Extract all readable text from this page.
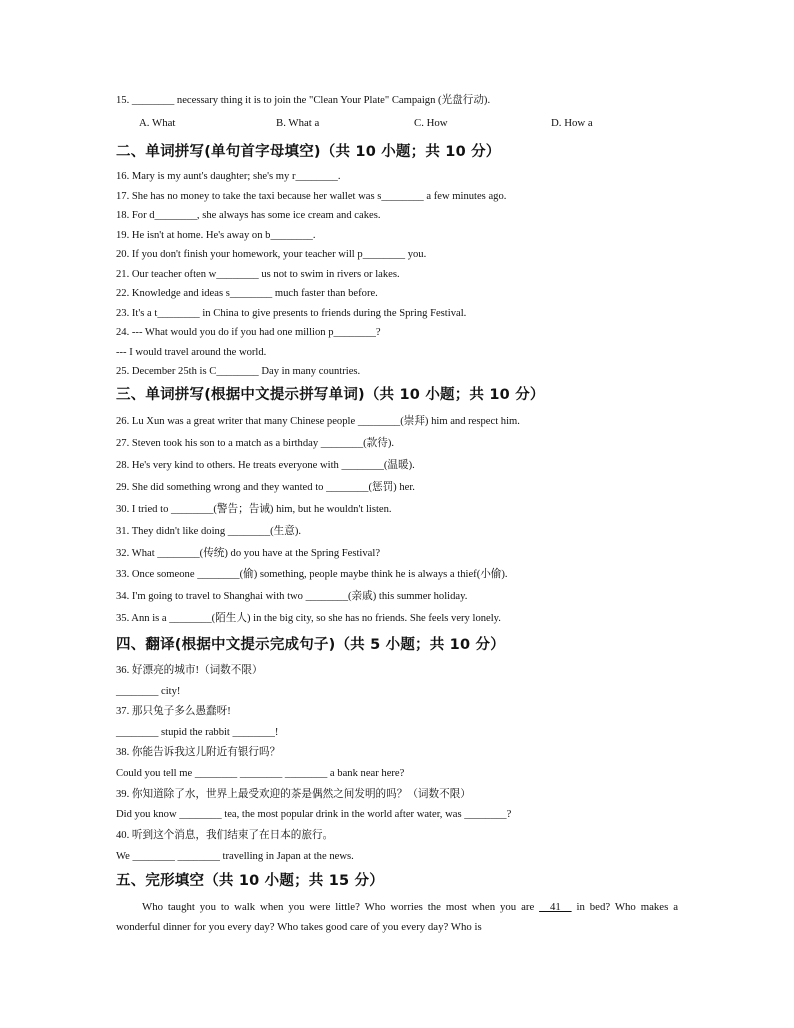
15. ________ necessary thing it is to join the "Clean Your Plate" Campaign (光盘行动).
A. What	B. What a	C. How	D. How a
二、单词拼写(单句首字母填空)（共 10 小题；共 10 分）
16. Mary is my aunt's daughter; she's my r________.
17. She has no money to take the taxi because her wallet was s________ a few minutes ago.
18. For d________, she always has some ice cream and cakes.
19. He isn't at home. He's away on b________.
20. If you don't finish your homework, your teacher will p________ you.
21. Our teacher often w________ us not to swim in rivers or lakes.
22. Knowledge and ideas s________ much faster than before.
23. It's a t________ in China to give presents to friends during the Spring Festival.
24. --- What would you do if you had one million p________?
--- I would travel around the world.
25. December 25th is C________ Day in many countries.
三、单词拼写(根据中文提示拼写单词)（共 10 小题；共 10 分）
26. Lu Xun was a great writer that many Chinese people ________(崇拜) him and respect him.
27. Steven took his son to a match as a birthday ________(款待).
28. He's very kind to others. He treats everyone with ________(温暖).
29. She did something wrong and they wanted to ________(惩罚) her.
30. I tried to ________(警告；告诫) him, but he wouldn't listen.
31. They didn't like doing ________(生意).
32. What ________(传统) do you have at the Spring Festival?
33. Once someone ________(偷) something, people maybe think he is always a thief(小偷).
34. I'm going to travel to Shanghai with two ________(亲戚) this summer holiday.
35. Ann is a ________(陌生人) in the big city, so she has no friends. She feels very lonely.
四、翻译(根据中文提示完成句子)（共 5 小题；共 10 分）
36. 好漂亮的城市!（词数不限）
________ city!
37. 那只兔子多么愚蠢呀!
________ stupid the rabbit ________!
38. 你能告诉我这儿附近有银行吗？
Could you tell me ________ ________ ________ a bank near here?
39. 你知道除了水，世界上最受欢迎的茶是偶然之间发明的吗？（词数不限）
Did you know ________ tea, the most popular drink in the world after water, was ________?
40. 听到这个消息，我们结束了在日本的旅行。
We ________ ________ travelling in Japan at the news.
五、完形填空（共 10 小题；共 15 分）
Who taught you to walk when you were little? Who worries the most when you are __41__ in bed? Who makes a wonderful dinner for you every day? Who takes good care of you every day? Who is
